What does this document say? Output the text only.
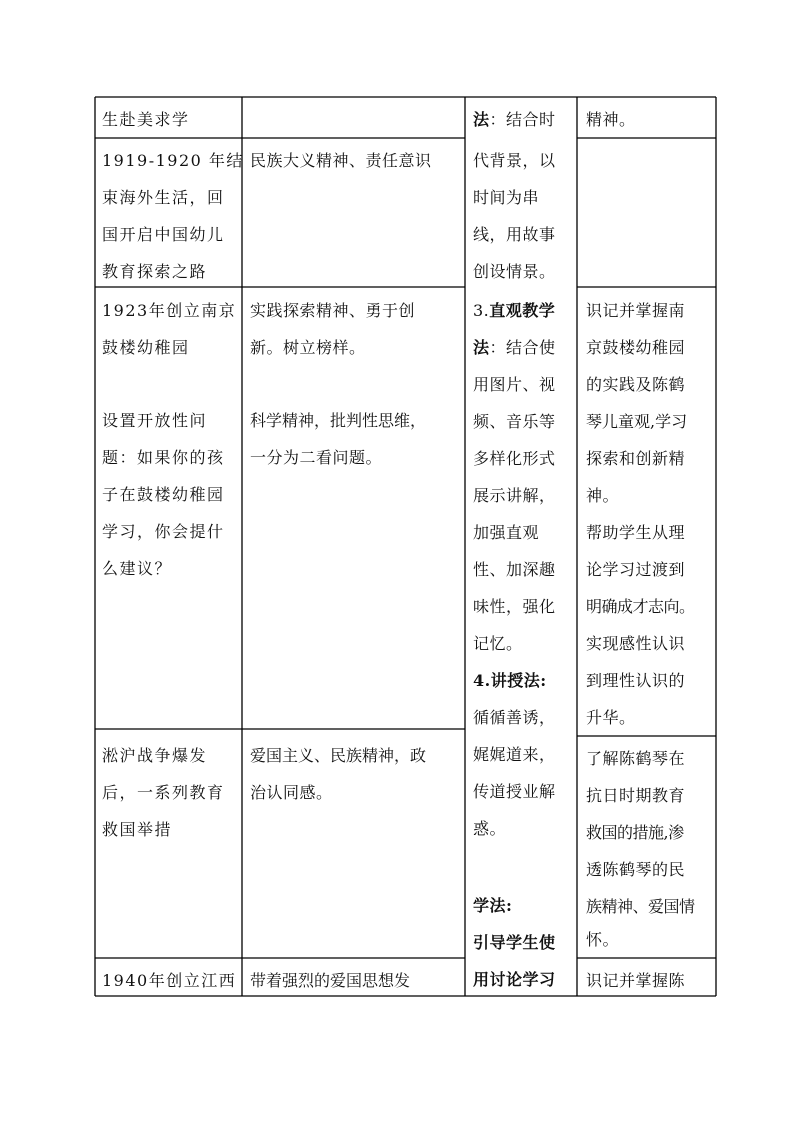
生赴美求学
1919-1920 年结
束海外生活，回
国开启中国幼儿
教育探索之路
1923年创立南京
鼓楼幼稚园
设置开放性问
题：如果你的孩
子在鼓楼幼稚园
学习，你会提什
么建议？
淞沪战争爆发
后，一系列教育
救国举措
1940年创立江西
民族大义精神、责任意识
实践探索精神、勇于创
新。树立榜样。
科学精神，批判性思维，
一分为二看问题。
爱国主义、民族精神，政
治认同感。
带着强烈的爱国思想发
法：结合时
代背景，以
时间为串
线，用故事
创设情景。
3.直观教学
法：结合使
用图片、视
频、音乐等
多样化形式
展示讲解，
加强直观
性、加深趣
味性，强化
记忆。
4.讲授法:
循循善诱，
娓娓道来，
传道授业解
惑。
学法:
引导学生使
用讨论学习
精神。
识记并掌握南
京鼓楼幼稚园
的实践及陈鹤
琴儿童观,学习
探索和创新精
神。
帮助学生从理
论学习过渡到
明确成才志向。
实现感性认识
到理性认识的
升华。
了解陈鹤琴在
抗日时期教育
救国的措施,渗
透陈鹤琴的民
族精神、爱国情
怀。
识记并掌握陈
